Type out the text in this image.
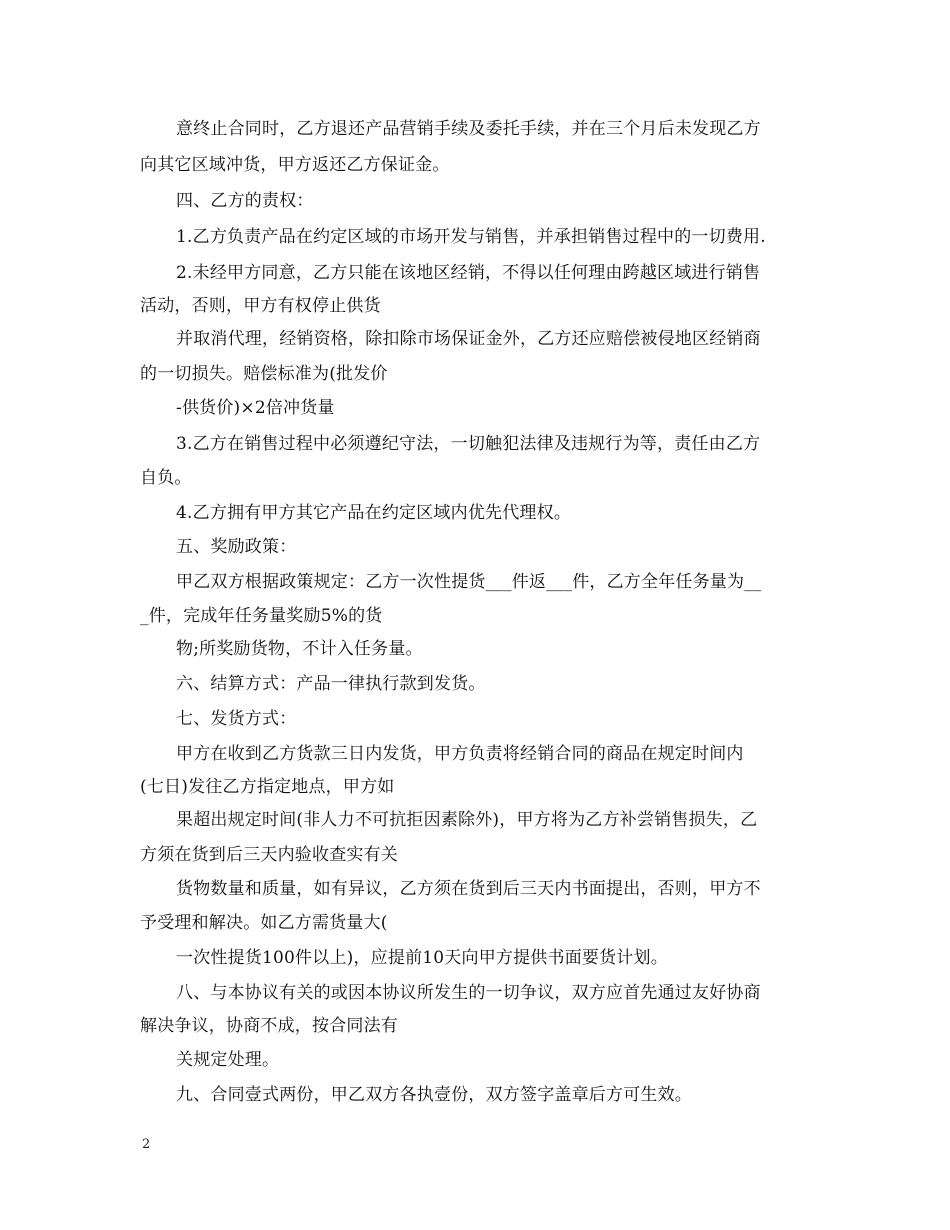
意终止合同时，乙方退还产品营销手续及委托手续，并在三个月后未发现乙方
向其它区域冲货，甲方返还乙方保证金。
四、乙方的责权：
1.乙方负责产品在约定区域的市场开发与销售，并承担销售过程中的一切费用.
2.未经甲方同意，乙方只能在该地区经销，不得以任何理由跨越区域进行销售
活动，否则，甲方有权停止供货
并取消代理，经销资格，除扣除市场保证金外，乙方还应赔偿被侵地区经销商
的一切损失。赔偿标准为(批发价
-供货价)×2倍冲货量
3.乙方在销售过程中必须遵纪守法，一切触犯法律及违规行为等，责任由乙方
自负。
4.乙方拥有甲方其它产品在约定区域内优先代理权。
五、奖励政策：
甲乙双方根据政策规定：乙方一次性提货___件返___件，乙方全年任务量为__
_件，完成年任务量奖励5%的货
物;所奖励货物，不计入任务量。
六、结算方式：产品一律执行款到发货。
七、发货方式：
甲方在收到乙方货款三日内发货，甲方负责将经销合同的商品在规定时间内
(七日)发往乙方指定地点，甲方如
果超出规定时间(非人力不可抗拒因素除外)，甲方将为乙方补尝销售损失，乙
方须在货到后三天内验收查实有关
货物数量和质量，如有异议，乙方须在货到后三天内书面提出，否则，甲方不
予受理和解决。如乙方需货量大(
一次性提货100件以上)，应提前10天向甲方提供书面要货计划。
八、与本协议有关的或因本协议所发生的一切争议，双方应首先通过友好协商
解决争议，协商不成，按合同法有
关规定处理。
九、合同壹式两份，甲乙双方各执壹份，双方签字盖章后方可生效。
2
